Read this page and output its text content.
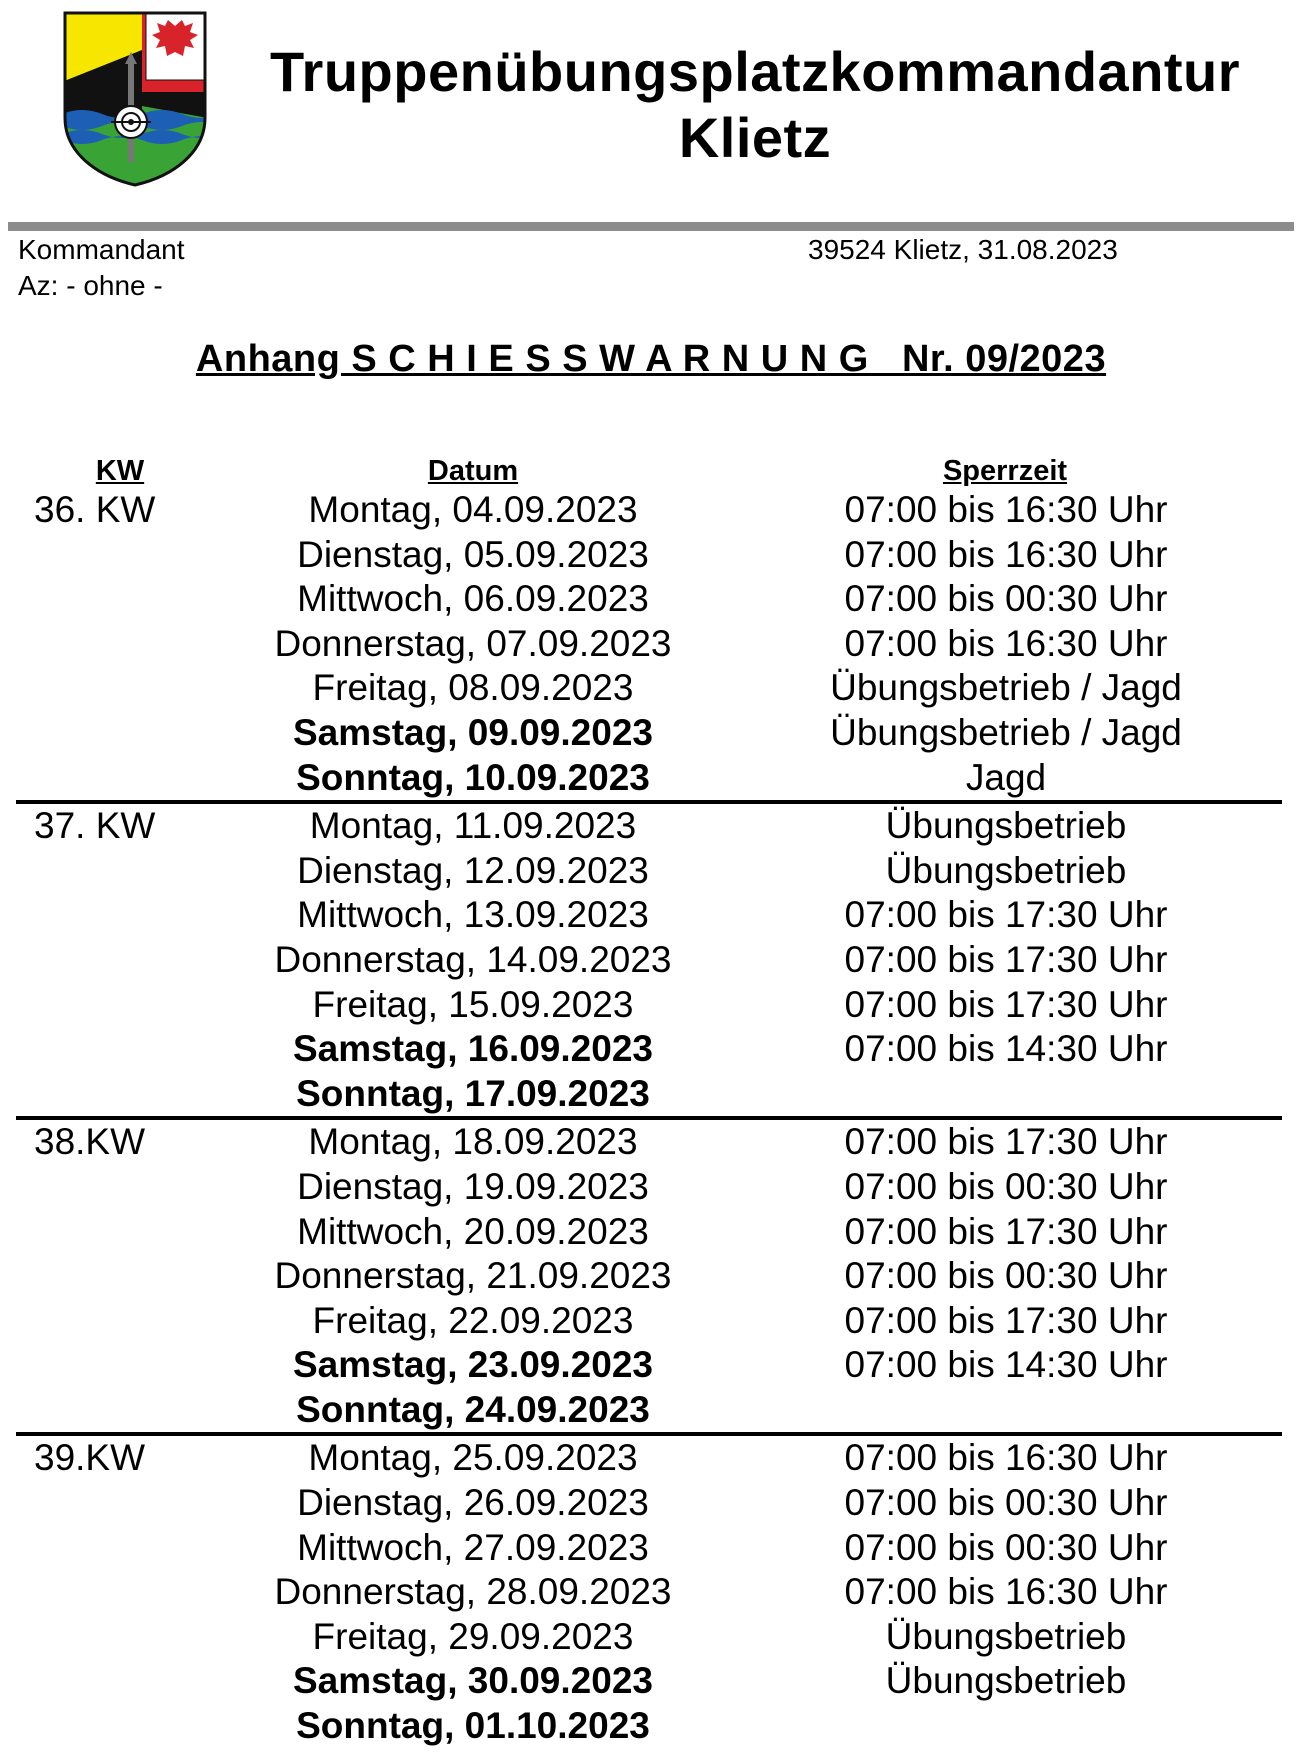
Truppenübungsplatzkommandantur
Klietz
Kommandant
Az: - ohne -
39524 Klietz, 31.08.2023
Anhang S C H I E S S W A R N U N G   Nr. 09/2023
KW	Datum	Sperrzeit
36. KW	Montag, 04.09.2023	07:00 bis 16:30 Uhr
Dienstag, 05.09.2023	07:00 bis 16:30 Uhr
Mittwoch, 06.09.2023	07:00 bis 00:30 Uhr
Donnerstag, 07.09.2023	07:00 bis 16:30 Uhr
Freitag, 08.09.2023	Übungsbetrieb / Jagd
Samstag, 09.09.2023	Übungsbetrieb / Jagd
Sonntag, 10.09.2023	Jagd
37. KW	Montag, 11.09.2023	Übungsbetrieb
Dienstag, 12.09.2023	Übungsbetrieb
Mittwoch, 13.09.2023	07:00 bis 17:30 Uhr
Donnerstag, 14.09.2023	07:00 bis 17:30 Uhr
Freitag, 15.09.2023	07:00 bis 17:30 Uhr
Samstag, 16.09.2023	07:00 bis 14:30 Uhr
Sonntag, 17.09.2023
38.KW	Montag, 18.09.2023	07:00 bis 17:30 Uhr
Dienstag, 19.09.2023	07:00 bis 00:30 Uhr
Mittwoch, 20.09.2023	07:00 bis 17:30 Uhr
Donnerstag, 21.09.2023	07:00 bis 00:30 Uhr
Freitag, 22.09.2023	07:00 bis 17:30 Uhr
Samstag, 23.09.2023	07:00 bis 14:30 Uhr
Sonntag, 24.09.2023
39.KW	Montag, 25.09.2023	07:00 bis 16:30 Uhr
Dienstag, 26.09.2023	07:00 bis 00:30 Uhr
Mittwoch, 27.09.2023	07:00 bis 00:30 Uhr
Donnerstag, 28.09.2023	07:00 bis 16:30 Uhr
Freitag, 29.09.2023	Übungsbetrieb
Samstag, 30.09.2023	Übungsbetrieb
Sonntag, 01.10.2023
